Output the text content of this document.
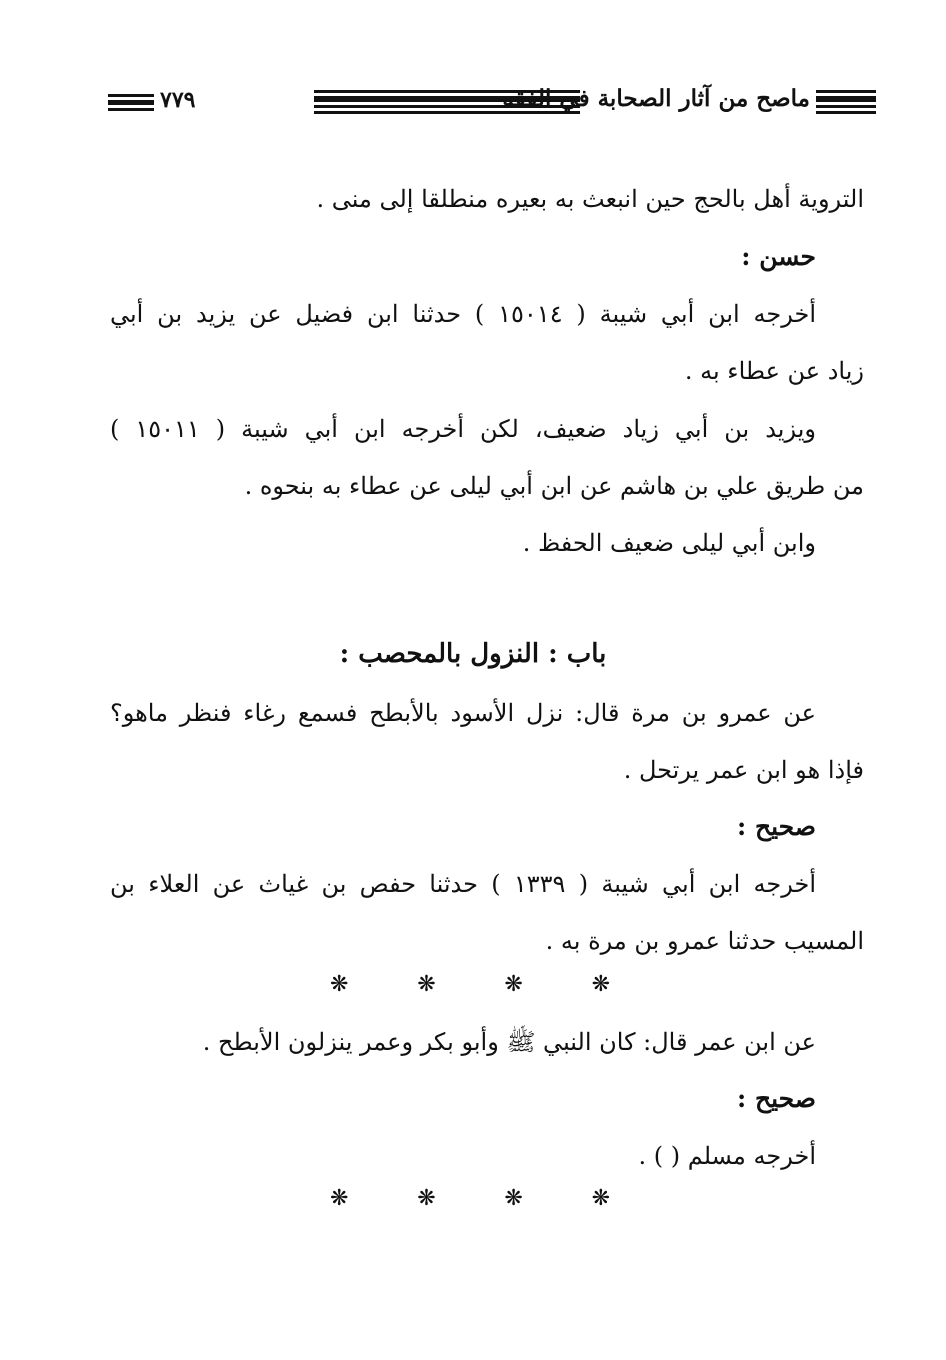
٧٧٩	ماصح من آثار الصحابة في الفقه
التروية أهل بالحج حين انبعث به بعيره منطلقا إلى منى .
حسن :
أخرجه ابن أبي شيبة ( ١٥٠١٤ ) حدثنا ابن فضيل عن يزيد بن أبي
زياد عن عطاء به .
ويزيد بن أبي زياد ضعيف، لكن أخرجه ابن أبي شيبة ( ١٥٠١١ )
من طريق علي بن هاشم عن ابن أبي ليلى عن عطاء به بنحوه .
وابن أبي ليلى ضعيف الحفظ .
باب : النزول بالمحصب :
عن عمرو بن مرة قال: نزل الأسود بالأبطح فسمع رغاء فنظر ماهو؟
فإذا هو ابن عمر يرتحل .
صحيح :
أخرجه ابن أبي شيبة ( ١٣٣٩ ) حدثنا حفص بن غياث عن العلاء بن
المسيب حدثنا عمرو بن مرة به .
❋	❋	❋	❋
عن ابن عمر قال: كان النبي ﷺ وأبو بكر وعمر ينزلون الأبطح .
صحيح :
أخرجه مسلم ( ) .
❋	❋	❋	❋
